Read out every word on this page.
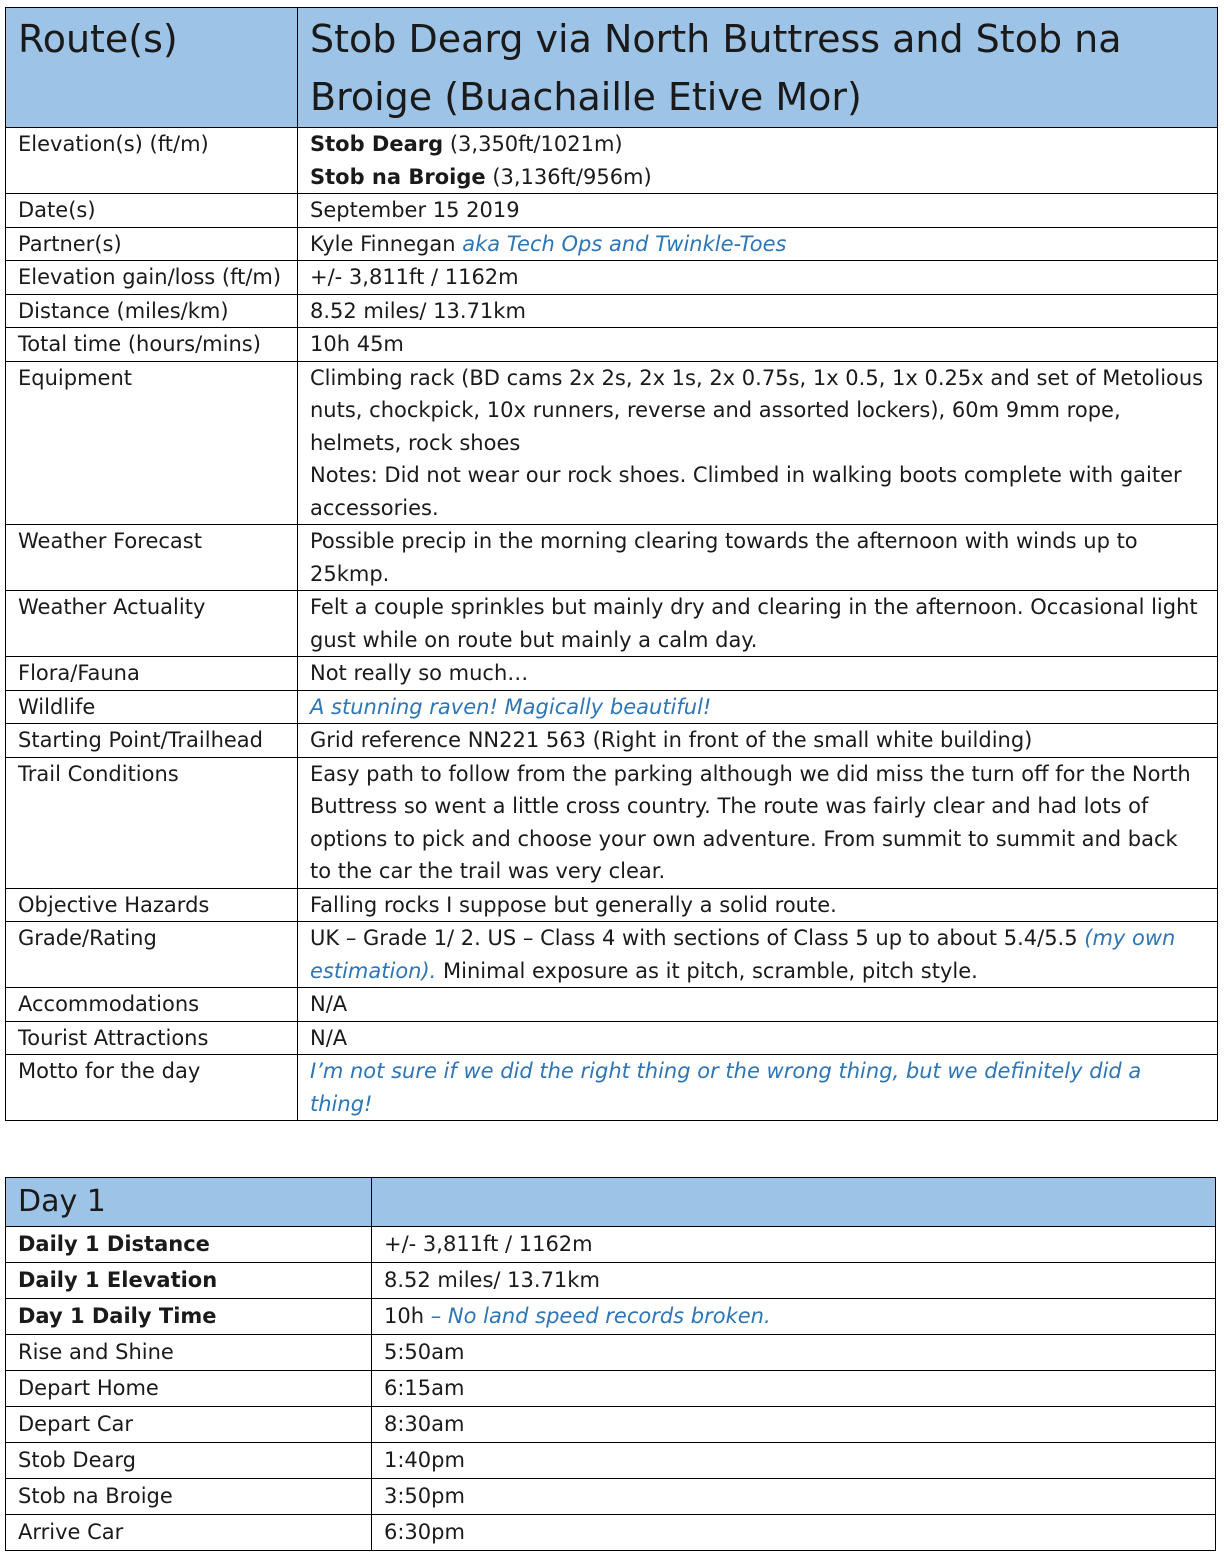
Route(s)	Stob Dearg via North Buttress and Stob na Broige (Buachaille Etive Mor)
Elevation(s) (ft/m)	Stob Dearg (3,350ft/1021m)
Stob na Broige (3,136ft/956m)
Date(s)	September 15 2019
Partner(s)	Kyle Finnegan aka Tech Ops and Twinkle-Toes
Elevation gain/loss (ft/m)	+/- 3,811ft / 1162m
Distance (miles/km)	8.52 miles/ 13.71km
Total time (hours/mins)	10h 45m
Equipment	Climbing rack (BD cams 2x 2s, 2x 1s, 2x 0.75s, 1x 0.5, 1x 0.25x and set of Metolious nuts, chockpick, 10x runners, reverse and assorted lockers), 60m 9mm rope, helmets, rock shoes
Notes: Did not wear our rock shoes. Climbed in walking boots complete with gaiter accessories.
Weather Forecast	Possible precip in the morning clearing towards the afternoon with winds up to 25kmp.
Weather Actuality	Felt a couple sprinkles but mainly dry and clearing in the afternoon. Occasional light gust while on route but mainly a calm day.
Flora/Fauna	Not really so much…
Wildlife	A stunning raven! Magically beautiful!
Starting Point/Trailhead	Grid reference NN221 563 (Right in front of the small white building)
Trail Conditions	Easy path to follow from the parking although we did miss the turn off for the North Buttress so went a little cross country. The route was fairly clear and had lots of options to pick and choose your own adventure. From summit to summit and back to the car the trail was very clear.
Objective Hazards	Falling rocks I suppose but generally a solid route.
Grade/Rating	UK – Grade 1/ 2. US – Class 4 with sections of Class 5 up to about 5.4/5.5 (my own estimation). Minimal exposure as it pitch, scramble, pitch style.
Accommodations	N/A
Tourist Attractions	N/A
Motto for the day	I’m not sure if we did the right thing or the wrong thing, but we definitely did a thing!
Day 1	
Daily 1 Distance	+/- 3,811ft / 1162m
Daily 1 Elevation	8.52 miles/ 13.71km
Day 1 Daily Time	10h – No land speed records broken.
Rise and Shine	5:50am
Depart Home	6:15am
Depart Car	8:30am
Stob Dearg	1:40pm
Stob na Broige	3:50pm
Arrive Car	6:30pm
